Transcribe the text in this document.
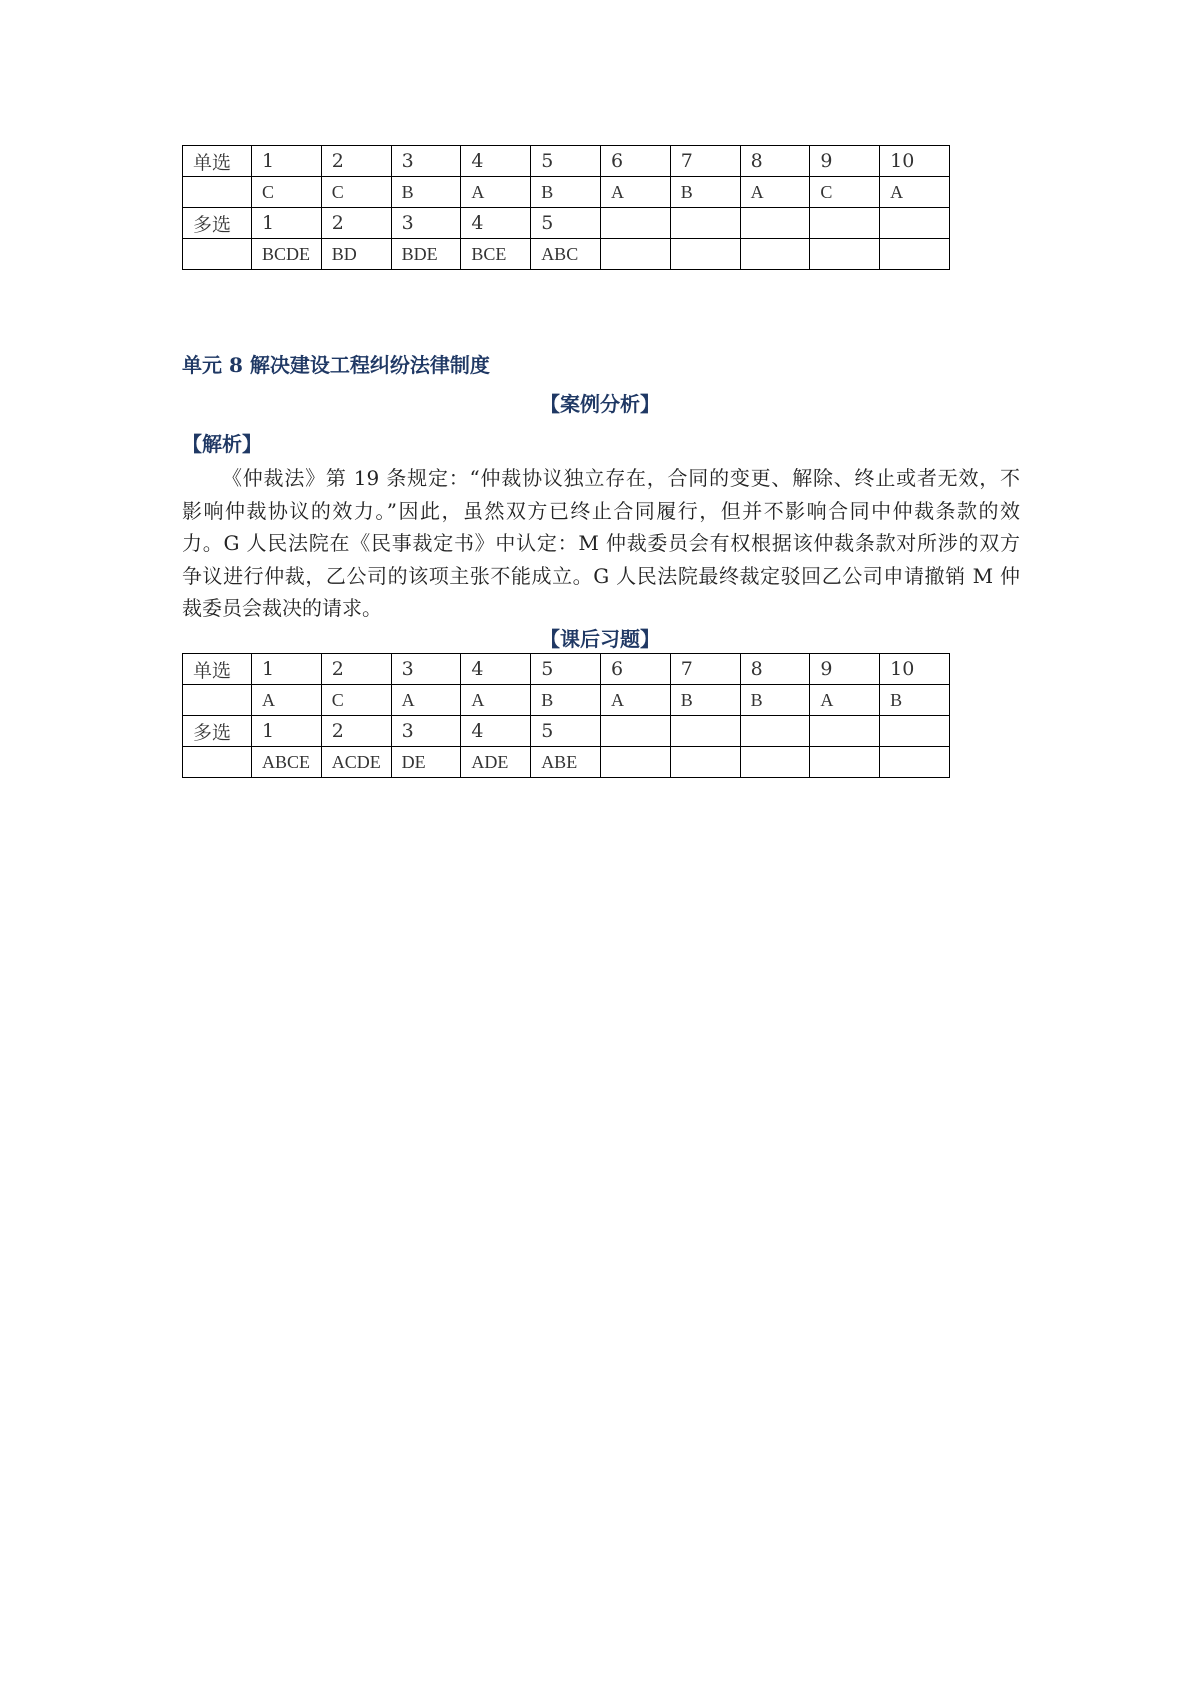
单选	1	2	3	4	5	6	7	8	9	10
	C	C	B	A	B	A	B	A	C	A
多选	1	2	3	4	5					
	BCDE	BD	BDE	BCE	ABC					
单元 8 解决建设工程纠纷法律制度
【案例分析】
【解析】
《仲裁法》第 19 条规定：“仲裁协议独立存在，合同的变更、解除、终止或者无效，不
影响仲裁协议的效力。”因此，虽然双方已终止合同履行，但并不影响合同中仲裁条款的效
力。G 人民法院在《民事裁定书》中认定：M 仲裁委员会有权根据该仲裁条款对所涉的双方
争议进行仲裁，乙公司的该项主张不能成立。G 人民法院最终裁定驳回乙公司申请撤销 M 仲
裁委员会裁决的请求。
【课后习题】
单选	1	2	3	4	5	6	7	8	9	10
	A	C	A	A	B	A	B	B	A	B
多选	1	2	3	4	5					
	ABCE	ACDE	DE	ADE	ABE					
